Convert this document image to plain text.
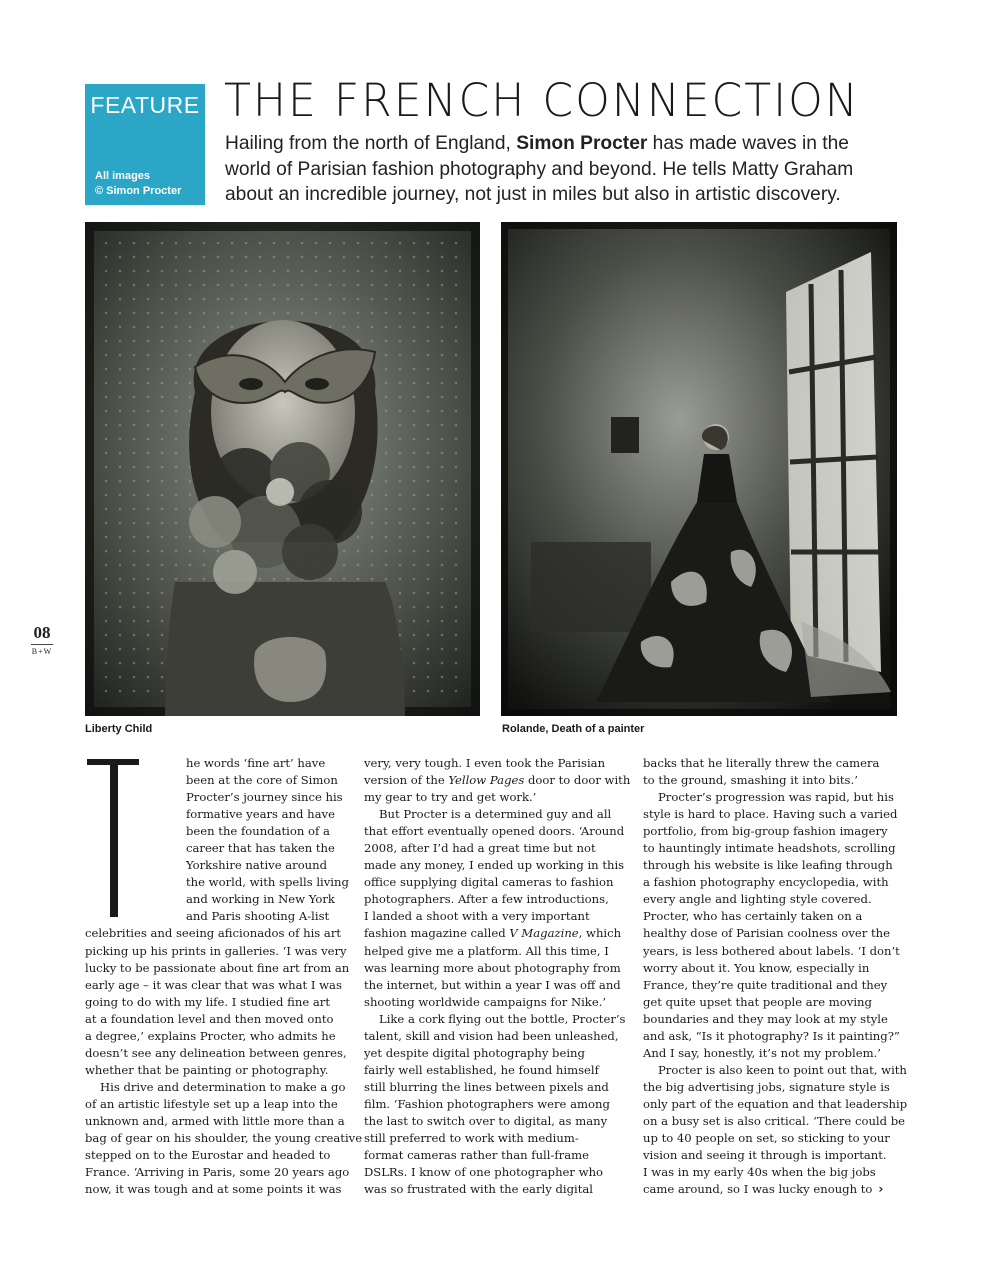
FEATURE
All images
© Simon Procter
THE FRENCH CONNECTION
Hailing from the north of England, Simon Procter has made waves in the
world of Parisian fashion photography and beyond. He tells Matty Graham
about an incredible journey, not just in miles but also in artistic discovery.
Liberty Child	Rolande, Death of a painter
08
B+W
he words ‘fine art’ have
been at the core of Simon
Procter’s journey since his
formative years and have
been the foundation of a
career that has taken the
Yorkshire native around
the world, with spells living
and working in New York
and Paris shooting A-list
celebrities and seeing aficionados of his art
picking up his prints in galleries. ‘I was very
lucky to be passionate about fine art from an
early age – it was clear that was what I was
going to do with my life. I studied fine art
at a foundation level and then moved onto
a degree,’ explains Procter, who admits he
doesn’t see any delineation between genres,
whether that be painting or photography.
His drive and determination to make a go
of an artistic lifestyle set up a leap into the
unknown and, armed with little more than a
bag of gear on his shoulder, the young creative
stepped on to the Eurostar and headed to
France. ‘Arriving in Paris, some 20 years ago
now, it was tough and at some points it was
very, very tough. I even took the Parisian
version of the Yellow Pages door to door with
my gear to try and get work.’
But Procter is a determined guy and all
that effort eventually opened doors. ‘Around
2008, after I’d had a great time but not
made any money, I ended up working in this
office supplying digital cameras to fashion
photographers. After a few introductions,
I landed a shoot with a very important
fashion magazine called V Magazine, which
helped give me a platform. All this time, I
was learning more about photography from
the internet, but within a year I was off and
shooting worldwide campaigns for Nike.’
Like a cork flying out the bottle, Procter’s
talent, skill and vision had been unleashed,
yet despite digital photography being
fairly well established, he found himself
still blurring the lines between pixels and
film. ‘Fashion photographers were among
the last to switch over to digital, as many
still preferred to work with medium-
format cameras rather than full-frame
DSLRs. I know of one photographer who
was so frustrated with the early digital
backs that he literally threw the camera
to the ground, smashing it into bits.’
Procter’s progression was rapid, but his
style is hard to place. Having such a varied
portfolio, from big-group fashion imagery
to hauntingly intimate headshots, scrolling
through his website is like leafing through
a fashion photography encyclopedia, with
every angle and lighting style covered.
Procter, who has certainly taken on a
healthy dose of Parisian coolness over the
years, is less bothered about labels. ‘I don’t
worry about it. You know, especially in
France, they’re quite traditional and they
get quite upset that people are moving
boundaries and they may look at my style
and ask, “Is it photography? Is it painting?”
And I say, honestly, it’s not my problem.’
Procter is also keen to point out that, with
the big advertising jobs, signature style is
only part of the equation and that leadership
on a busy set is also critical. ‘There could be
up to 40 people on set, so sticking to your
vision and seeing it through is important.
I was in my early 40s when the big jobs
came around, so I was lucky enough to ›
